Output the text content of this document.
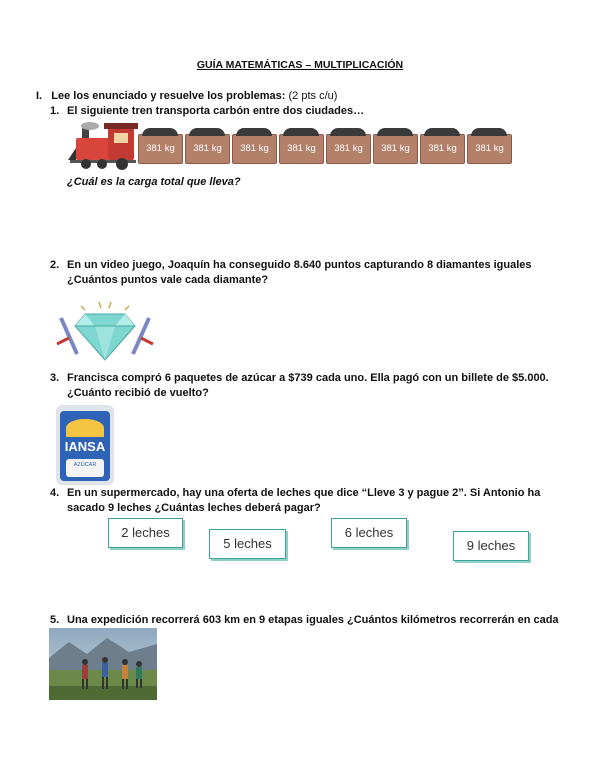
GUÍA MATEMÁTICAS – MULTIPLICACIÓN
I. Lee los enunciado y resuelve los problemas: (2 pts c/u)
1. El siguiente tren transporta carbón entre dos ciudades…
381 kg	381 kg	381 kg	381 kg	381 kg	381 kg	381 kg	381 kg
¿Cuál es la carga total que lleva?
2. En un video juego, Joaquín ha conseguido 8.640 puntos capturando 8 diamantes iguales ¿Cuántos puntos vale cada diamante?
3. Francisca compró 6 paquetes de azúcar a $739 cada uno. Ella pagó con un billete de $5.000. ¿Cuánto recibió de vuelto?
IANSA
AZÚCAR
4. En un supermercado, hay una oferta de leches que dice “Lleve 3 y pague 2”. Si Antonio ha sacado 9 leches ¿Cuántas leches deberá pagar?
2 leches
5 leches
6 leches
9 leches
5. Una expedición recorrerá 603 km en 9 etapas iguales ¿Cuántos kilómetros recorrerán en cada
